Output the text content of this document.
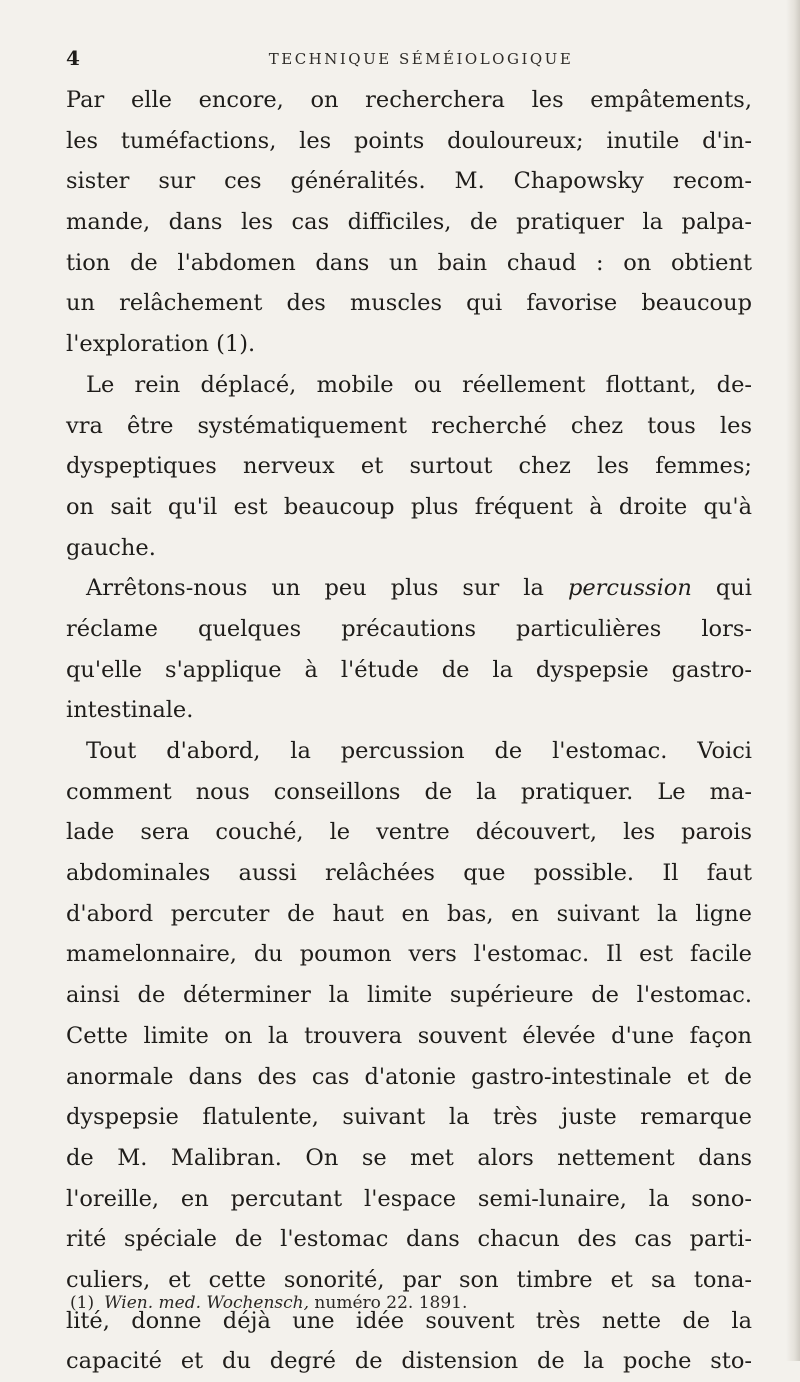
4	TECHNIQUE SÉMÉIOLOGIQUE
Par elle encore, on recherchera les empâtements,
les tuméfactions, les points douloureux; inutile d'in-
sister sur ces généralités. M. Chapowsky recom-
mande, dans les cas difficiles, de pratiquer la palpa-
tion de l'abdomen dans un bain chaud : on obtient
un relâchement des muscles qui favorise beaucoup
l'exploration (1).
Le rein déplacé, mobile ou réellement flottant, de-
vra être systématiquement recherché chez tous les
dyspeptiques nerveux et surtout chez les femmes;
on sait qu'il est beaucoup plus fréquent à droite qu'à
gauche.
Arrêtons-nous un peu plus sur la percussion qui
réclame quelques précautions particulières lors-
qu'elle s'applique à l'étude de la dyspepsie gastro-
intestinale.
Tout d'abord, la percussion de l'estomac. Voici
comment nous conseillons de la pratiquer. Le ma-
lade sera couché, le ventre découvert, les parois
abdominales aussi relâchées que possible. Il faut
d'abord percuter de haut en bas, en suivant la ligne
mamelonnaire, du poumon vers l'estomac. Il est facile
ainsi de déterminer la limite supérieure de l'estomac.
Cette limite on la trouvera souvent élevée d'une façon
anormale dans des cas d'atonie gastro-intestinale et de
dyspepsie flatulente, suivant la très juste remarque
de M. Malibran. On se met alors nettement dans
l'oreille, en percutant l'espace semi-lunaire, la sono-
rité spéciale de l'estomac dans chacun des cas parti-
culiers, et cette sonorité, par son timbre et sa tona-
lité, donne déjà une idée souvent très nette de la
capacité et du degré de distension de la poche sto-
(1) Wien. med. Wochensch, numéro 22. 1891.
